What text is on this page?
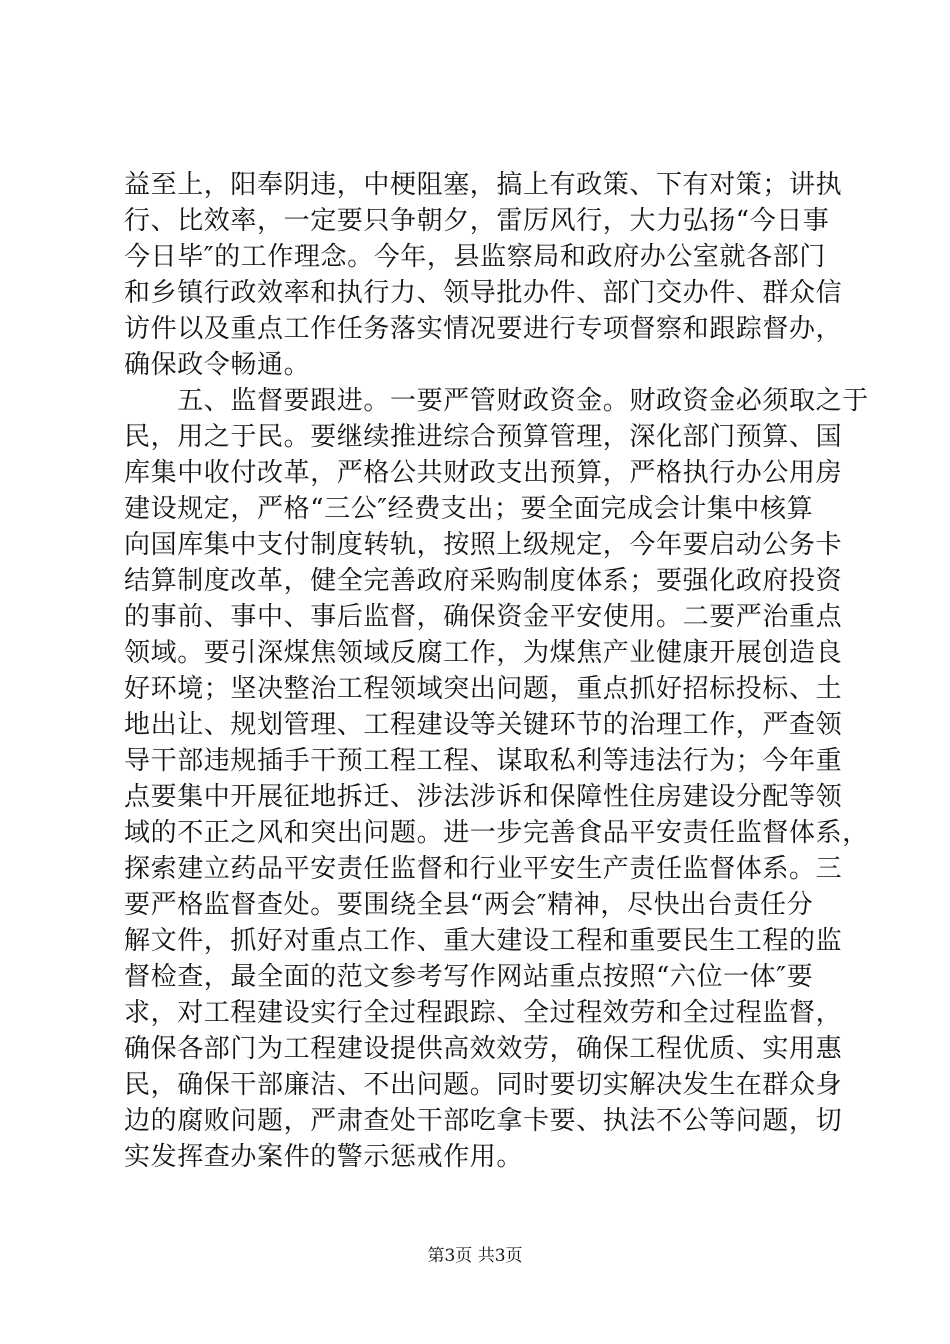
益至上，阳奉阴违，中梗阻塞，搞上有政策、下有对策；讲执
行、比效率，一定要只争朝夕，雷厉风行，大力弘扬“今日事
今日毕″的工作理念。今年，县监察局和政府办公室就各部门
和乡镇行政效率和执行力、领导批办件、部门交办件、群众信
访件以及重点工作任务落实情况要进行专项督察和跟踪督办，
确保政令畅通。
　　五、监督要跟进。一要严管财政资金。财政资金必须取之于
民，用之于民。要继续推进综合预算管理，深化部门预算、国
库集中收付改革，严格公共财政支出预算，严格执行办公用房
建设规定，严格“三公″经费支出；要全面完成会计集中核算
向国库集中支付制度转轨，按照上级规定，今年要启动公务卡
结算制度改革，健全完善政府采购制度体系；要强化政府投资
的事前、事中、事后监督，确保资金平安使用。二要严治重点
领域。要引深煤焦领域反腐工作，为煤焦产业健康开展创造良
好环境；坚决整治工程领域突出问题，重点抓好招标投标、土
地出让、规划管理、工程建设等关键环节的治理工作，严查领
导干部违规插手干预工程工程、谋取私利等违法行为；今年重
点要集中开展征地拆迁、涉法涉诉和保障性住房建设分配等领
域的不正之风和突出问题。进一步完善食品平安责任监督体系，
探索建立药品平安责任监督和行业平安生产责任监督体系。三
要严格监督查处。要围绕全县“两会″精神，尽快出台责任分
解文件，抓好对重点工作、重大建设工程和重要民生工程的监
督检查，最全面的范文参考写作网站重点按照“六位一体″要
求，对工程建设实行全过程跟踪、全过程效劳和全过程监督，
确保各部门为工程建设提供高效效劳，确保工程优质、实用惠
民，确保干部廉洁、不出问题。同时要切实解决发生在群众身
边的腐败问题，严肃查处干部吃拿卡要、执法不公等问题，切
实发挥查办案件的警示惩戒作用。
第3页 共3页
